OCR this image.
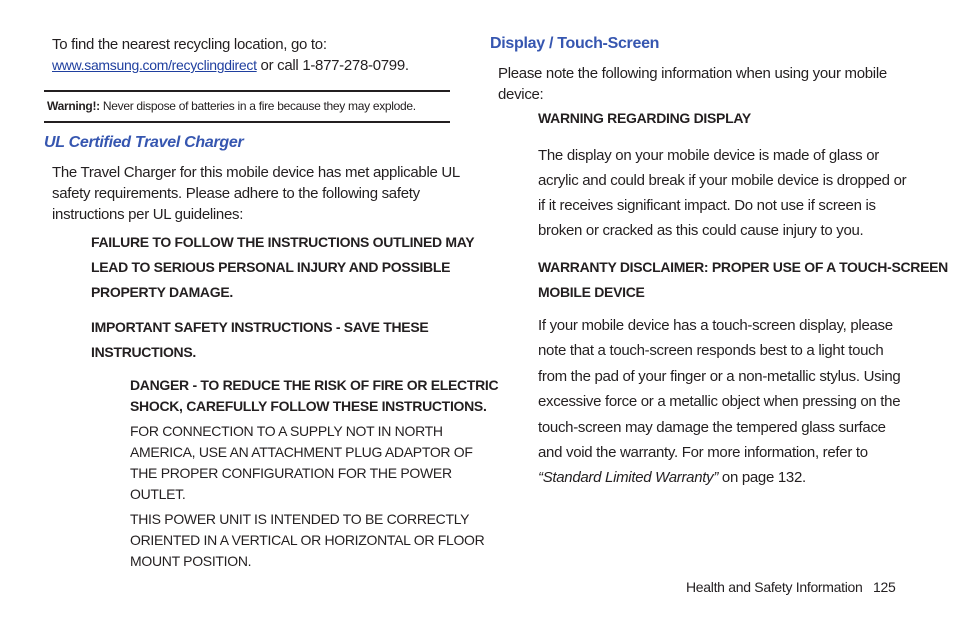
To find the nearest recycling location, go to:
www.samsung.com/recyclingdirect or call 1-877-278-0799.
Warning!: Never dispose of batteries in a fire because they may explode.
UL Certified Travel Charger
The Travel Charger for this mobile device has met applicable UL
safety requirements. Please adhere to the following safety
instructions per UL guidelines:
FAILURE TO FOLLOW THE INSTRUCTIONS OUTLINED MAY
LEAD TO SERIOUS PERSONAL INJURY AND POSSIBLE
PROPERTY DAMAGE.
IMPORTANT SAFETY INSTRUCTIONS - SAVE THESE
INSTRUCTIONS.
DANGER - TO REDUCE THE RISK OF FIRE OR ELECTRIC
SHOCK, CAREFULLY FOLLOW THESE INSTRUCTIONS.
FOR CONNECTION TO A SUPPLY NOT IN NORTH
AMERICA, USE AN ATTACHMENT PLUG ADAPTOR OF
THE PROPER CONFIGURATION FOR THE POWER
OUTLET.
THIS POWER UNIT IS INTENDED TO BE CORRECTLY
ORIENTED IN A VERTICAL OR HORIZONTAL OR FLOOR
MOUNT POSITION.
Display / Touch-Screen
Please note the following information when using your mobile
device:
WARNING REGARDING DISPLAY
The display on your mobile device is made of glass or
acrylic and could break if your mobile device is dropped or
if it receives significant impact. Do not use if screen is
broken or cracked as this could cause injury to you.
WARRANTY DISCLAIMER: PROPER USE OF A TOUCH-SCREEN
MOBILE DEVICE
If your mobile device has a touch-screen display, please
note that a touch-screen responds best to a light touch
from the pad of your finger or a non-metallic stylus. Using
excessive force or a metallic object when pressing on the
touch-screen may damage the tempered glass surface
and void the warranty. For more information, refer to
“Standard Limited Warranty” on page 132.
Health and Safety Information 125
